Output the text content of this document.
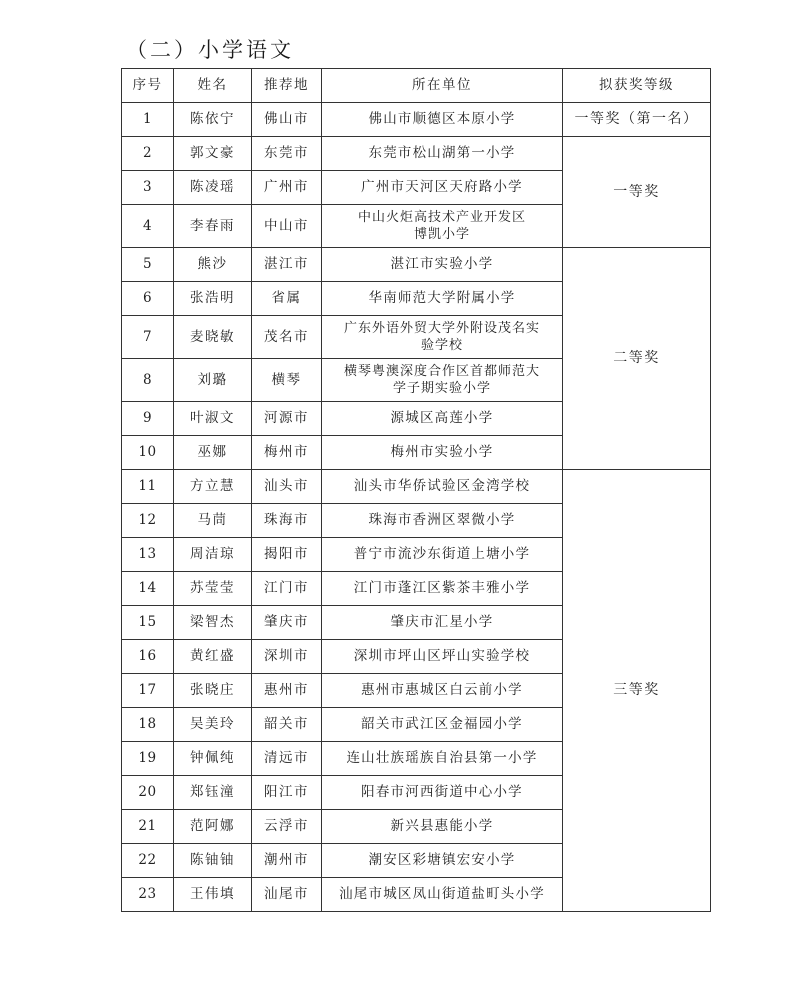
（二）小学语文
序号	姓名	推荐地	所在单位	拟获奖等级
1	陈依宁	佛山市	佛山市顺德区本原小学	一等奖（第一名）
2	郭文豪	东莞市	东莞市松山湖第一小学	一等奖
3	陈凌瑶	广州市	广州市天河区天府路小学	
4	李春雨	中山市	中山火炬高技术产业开发区
博凯小学	

5	熊沙	湛江市	湛江市实验小学	二等奖
6	张浩明	省属	华南师范大学附属小学	
7	麦晓敏	茂名市	广东外语外贸大学外附设茂名实
验学校	

8	刘璐	横琴	横琴粤澳深度合作区首都师范大
学子期实验小学	

9	叶淑文	河源市	源城区高莲小学	
10	巫娜	梅州市	梅州市实验小学	
11	方立慧	汕头市	汕头市华侨试验区金湾学校	三等奖
12	马茼	珠海市	珠海市香洲区翠微小学	
13	周洁琼	揭阳市	普宁市流沙东街道上塘小学	
14	苏莹莹	江门市	江门市蓬江区紫茶丰雅小学	
15	梁智杰	肇庆市	肇庆市汇星小学	
16	黄红盛	深圳市	深圳市坪山区坪山实验学校	
17	张晓庄	惠州市	惠州市惠城区白云前小学	
18	吴美玲	韶关市	韶关市武江区金福园小学	
19	钟佩纯	清远市	连山壮族瑶族自治县第一小学	
20	郑钰潼	阳江市	阳春市河西街道中心小学	
21	范阿娜	云浮市	新兴县惠能小学	
22	陈铀铀	潮州市	潮安区彩塘镇宏安小学	
23	王伟填	汕尾市	汕尾市城区凤山街道盐町头小学	
